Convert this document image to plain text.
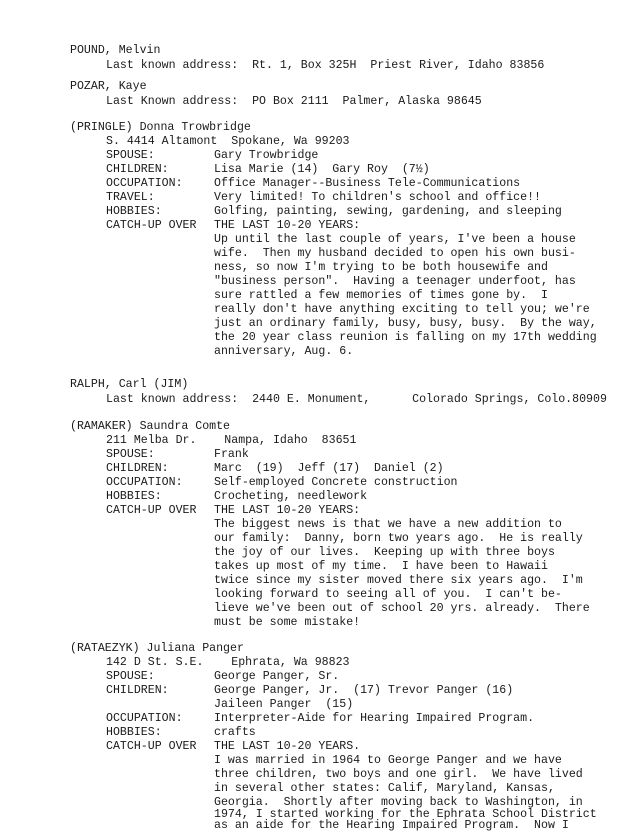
POUND, Melvin
Last known address:  Rt. 1, Box 325H  Priest River, Idaho 83856
POZAR, Kaye
Last Known address:  PO Box 2111  Palmer, Alaska 98645
(PRINGLE) Donna Trowbridge
S. 4414 Altamont  Spokane, Wa 99203
SPOUSE:	Gary Trowbridge
CHILDREN:	Lisa Marie (14)  Gary Roy  (7½)
OCCUPATION:	Office Manager--Business Tele-Communications
TRAVEL:	Very limited! To children's school and office!!
HOBBIES:	Golfing, painting, sewing, gardening, and sleeping
CATCH-UP OVER THE LAST 10-20 YEARS:
Up until the last couple of years, I've been a house
wife.  Then my husband decided to open his own busi-
ness, so now I'm trying to be both housewife and
"business person".  Having a teenager underfoot, has
sure rattled a few memories of times gone by.  I
really don't have anything exciting to tell you; we're
just an ordinary family, busy, busy, busy.  By the way,
the 20 year class reunion is falling on my 17th wedding
anniversary, Aug. 6.
RALPH, Carl (JIM)
Last known address:  2440 E. Monument,      Colorado Springs, Colo.80909
(RAMAKER) Saundra Comte
211 Melba Dr.    Nampa, Idaho  83651
SPOUSE:	Frank
CHILDREN:	Marc  (19)  Jeff (17)  Daniel (2)
OCCUPATION:	Self-employed Concrete construction
HOBBIES:	Crocheting, needlework
CATCH-UP OVER THE LAST 10-20 YEARS:
The biggest news is that we have a new addition to
our family:  Danny, born two years ago.  He is really
the joy of our lives.  Keeping up with three boys
takes up most of my time.  I have been to Hawaii
twice since my sister moved there six years ago.  I'm
looking forward to seeing all of you.  I can't be-
lieve we've been out of school 20 yrs. already.  There
must be some mistake!
(RATAEZYK) Juliana Panger
142 D St. S.E.    Ephrata, Wa 98823
SPOUSE:	George Panger, Sr.
CHILDREN:	George Panger, Jr.  (17) Trevor Panger (16)
Jaileen Panger  (15)
OCCUPATION:	Interpreter-Aide for Hearing Impaired Program.
HOBBIES:	crafts
CATCH-UP OVER THE LAST 10-20 YEARS.
I was married in 1964 to George Panger and we have
three children, two boys and one girl.  We have lived
in several other states: Calif, Maryland, Kansas,
Georgia.  Shortly after moving back to Washington, in
1974, I started working for the Ephrata School District
as an aide for the Hearing Impaired Program.  Now I
